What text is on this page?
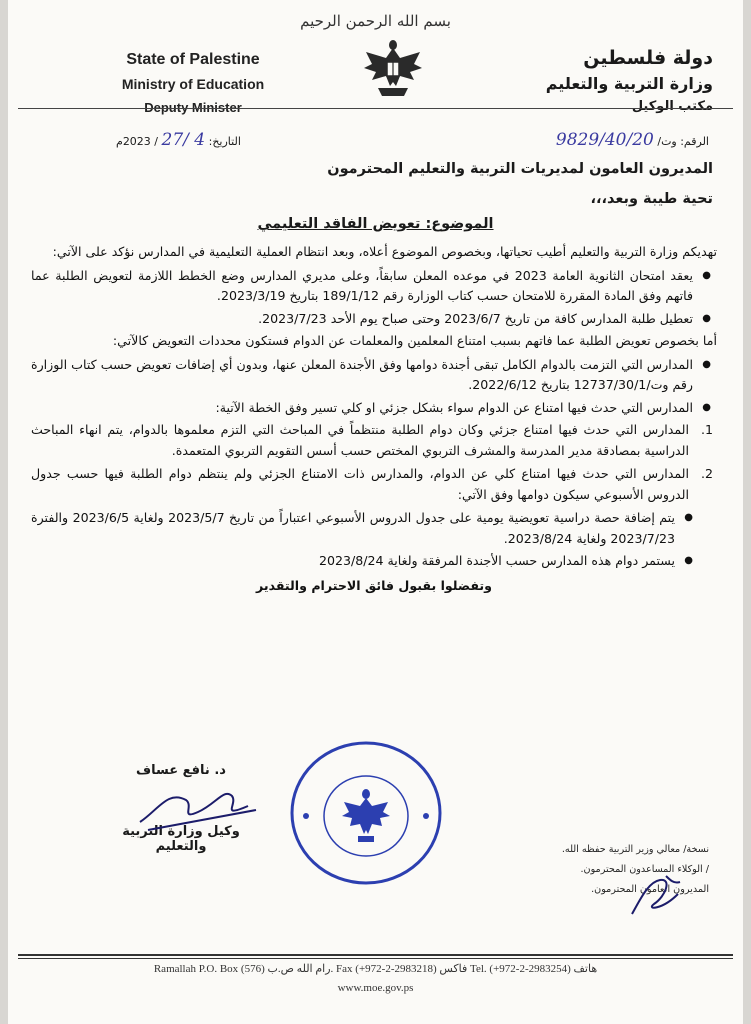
بسم الله الرحمن الرحيم
State of Palestine
Ministry of Education
Deputy Minister
دولة فلسطين
وزارة التربية والتعليم
مكتب الوكيل
الرقم: وت/ 9829/40/20
التاريخ: 4 /27 / 2023م
المديرون العامون لمديريات التربية والتعليم المحترمون
تحية طيبة وبعد،،،
الموضوع: تعويض الفاقد التعليمي

تهديكم وزارة التربية والتعليم أطيب تحياتها، وبخصوص الموضوع أعلاه، وبعد انتظام العملية التعليمية في المدارس نؤكد على الآتي:

● يعقد امتحان الثانوية العامة 2023 في موعده المعلن سابقاً، وعلى مديري المدارس وضع الخطط اللازمة لتعويض الطلبة عما فاتهم وفق المادة المقررة للامتحان حسب كتاب الوزارة رقم 189/1/12 بتاريخ 2023/3/19.
● تعطيل طلبة المدارس كافة من تاريخ 2023/6/7 وحتى صباح يوم الأحد 2023/7/23.

أما بخصوص تعويض الطلبة عما فاتهم بسبب امتناع المعلمين والمعلمات عن الدوام فستكون محددات التعويض كالآتي:

● المدارس التي التزمت بالدوام الكامل تبقى أجندة دوامها وفق الأجندة المعلن عنها، وبدون أي إضافات تعويض حسب كتاب الوزارة رقم وت/12737/30/1 بتاريخ 2022/6/12.
● المدارس التي حدث فيها امتناع عن الدوام سواء بشكل جزئي او كلي تسير وفق الخطة الآتية:
1.
المدارس التي حدث فيها امتناع جزئي وكان دوام الطلبة منتظماً في المباحث التي التزم معلموها بالدوام، يتم انهاء المباحث الدراسية بمصادقة مدير المدرسة والمشرف التربوي المختص حسب أسس التقويم التربوي المتعمدة.
2.
المدارس التي حدث فيها امتناع كلي عن الدوام، والمدارس ذات الامتناع الجزئي ولم ينتظم دوام الطلبة فيها حسب جدول الدروس الأسبوعي سيكون دوامها وفق الآتي:
● يتم إضافة حصة دراسية تعويضية يومية على جدول الدروس الأسبوعي اعتباراً من تاريخ 2023/5/7 ولغاية 2023/6/5 والفترة 2023/7/23 ولغاية 2023/8/24.
● يستمر دوام هذه المدارس حسب الأجندة المرفقة ولغاية 2023/8/24
وتفضلوا بقبول فائق الاحترام والتقدير
د. نافع عساف
وكيل وزارة التربية والتعليم	نسخة/ معالي وزير التربية حفظه الله.
/ الوكلاء المساعدون المحترمون.
المديرون العامون المحترمون.
Ramallah P.O. Box (576) رام الله ص.ب. Fax (+972-2-2983218) فاكس Tel. (+972-2-2983254) هاتف
www.moe.gov.ps
